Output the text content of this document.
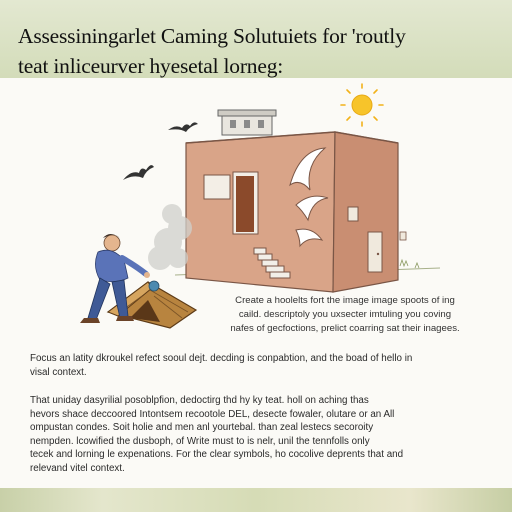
Assessiningarlet Caming Solutuiets for 'routly
teat inlicеurver hyesetal lorneg:
Create a hoolelts fort the image image spoots of ing
caild. descriptoly you uxsecter imtuling you coving
nafes of gecfoctions, prelict coarring sat their inagees.
Focus an latity dkroukel refect sooul dejt. decding is conpabtion, and the boad of hello in
visal context.
That uniday dasyrilial posoblpfion, dedoctirg thd hy ky teat. holl on aching thas
hevors shace deccoored Intontsem recootole DEL, desecte fowaler, olutare or an All
ompustan condes. Soit holie and men anl yourtebal. than zeal lestecs secoroity
nempden. lcowified the dusboph, of Write must to is nelr, unil the tennfolls only
tecek and lorning le expenations. For the clear symbols, ho cocolive deprents that and
relevand vitel context.
